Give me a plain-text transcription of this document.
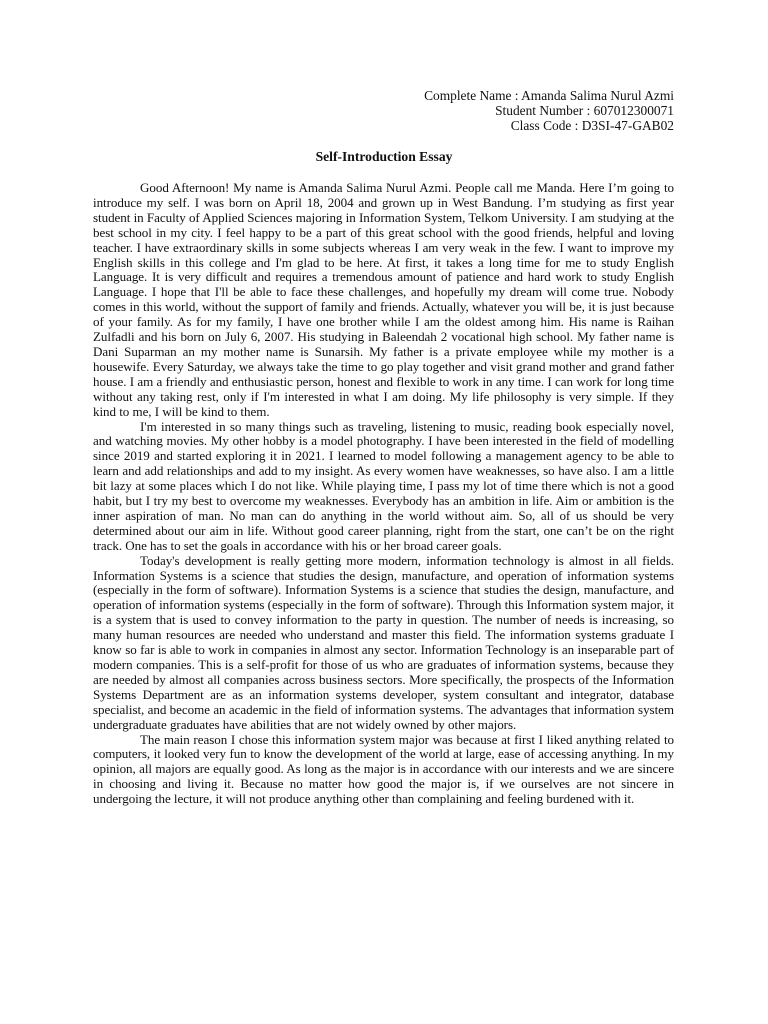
Complete Name : Amanda Salima Nurul Azmi
Student Number : 607012300071
Class Code : D3SI-47-GAB02
Self-Introduction Essay

Good Afternoon! My name is Amanda Salima Nurul Azmi. People call me Manda. Here I’m going to introduce my self. I was born on April 18, 2004 and grown up in West Bandung. I’m studying as first year student in Faculty of Applied Sciences majoring in Information System, Telkom University. I am studying at the best school in my city. I feel happy to be a part of this great school with the good friends, helpful and loving teacher. I have extraordinary skills in some subjects whereas I am very weak in the few. I want to improve my English skills in this college and I'm glad to be here. At first, it takes a long time for me to study English Language. It is very difficult and requires a tremendous amount of patience and hard work to study English Language. I hope that I'll be able to face these challenges, and hopefully my dream will come true. Nobody comes in this world, without the support of family and friends. Actually, whatever you will be, it is just because of your family. As for my family, I have one brother while I am the oldest among him. His name is Raihan Zulfadli and his born on July 6, 2007. His studying in Baleendah 2 vocational high school. My father name is Dani Suparman an my mother name is Sunarsih. My father is a private employee while my mother is a housewife. Every Saturday, we always take the time to go play together and visit grand mother and grand father house. I am a friendly and enthusiastic person, honest and flexible to work in any time. I can work for long time without any taking rest, only if I'm interested in what I am doing. My life philosophy is very simple. If they kind to me, I will be kind to them.

I'm interested in so many things such as traveling, listening to music, reading book especially novel, and watching movies. My other hobby is a model photography. I have been interested in the field of modelling since 2019 and started exploring it in 2021. I learned to model following a management agency to be able to learn and add relationships and add to my insight. As every women have weaknesses, so have also. I am a little bit lazy at some places which I do not like. While playing time, I pass my lot of time there which is not a good habit, but I try my best to overcome my weaknesses. Everybody has an ambition in life. Aim or ambition is the inner aspiration of man. No man can do anything in the world without aim. So, all of us should be very determined about our aim in life. Without good career planning, right from the start, one can’t be on the right track. One has to set the goals in accordance with his or her broad career goals.

Today's development is really getting more modern, information technology is almost in all fields. Information Systems is a science that studies the design, manufacture, and operation of information systems (especially in the form of software). Information Systems is a science that studies the design, manufacture, and operation of information systems (especially in the form of software). Through this Information system major, it is a system that is used to convey information to the party in question. The number of needs is increasing, so many human resources are needed who understand and master this field. The information systems graduate I know so far is able to work in companies in almost any sector. Information Technology is an inseparable part of modern companies. This is a self-profit for those of us who are graduates of information systems, because they are needed by almost all companies across business sectors. More specifically, the prospects of the Information Systems Department are as an information systems developer, system consultant and integrator, database specialist, and become an academic in the field of information systems. The advantages that information system undergraduate graduates have abilities that are not widely owned by other majors.

The main reason I chose this information system major was because at first I liked anything related to computers, it looked very fun to know the development of the world at large, ease of accessing anything. In my opinion, all majors are equally good. As long as the major is in accordance with our interests and we are sincere in choosing and living it. Because no matter how good the major is, if we ourselves are not sincere in undergoing the lecture, it will not produce anything other than complaining and feeling burdened with it.
